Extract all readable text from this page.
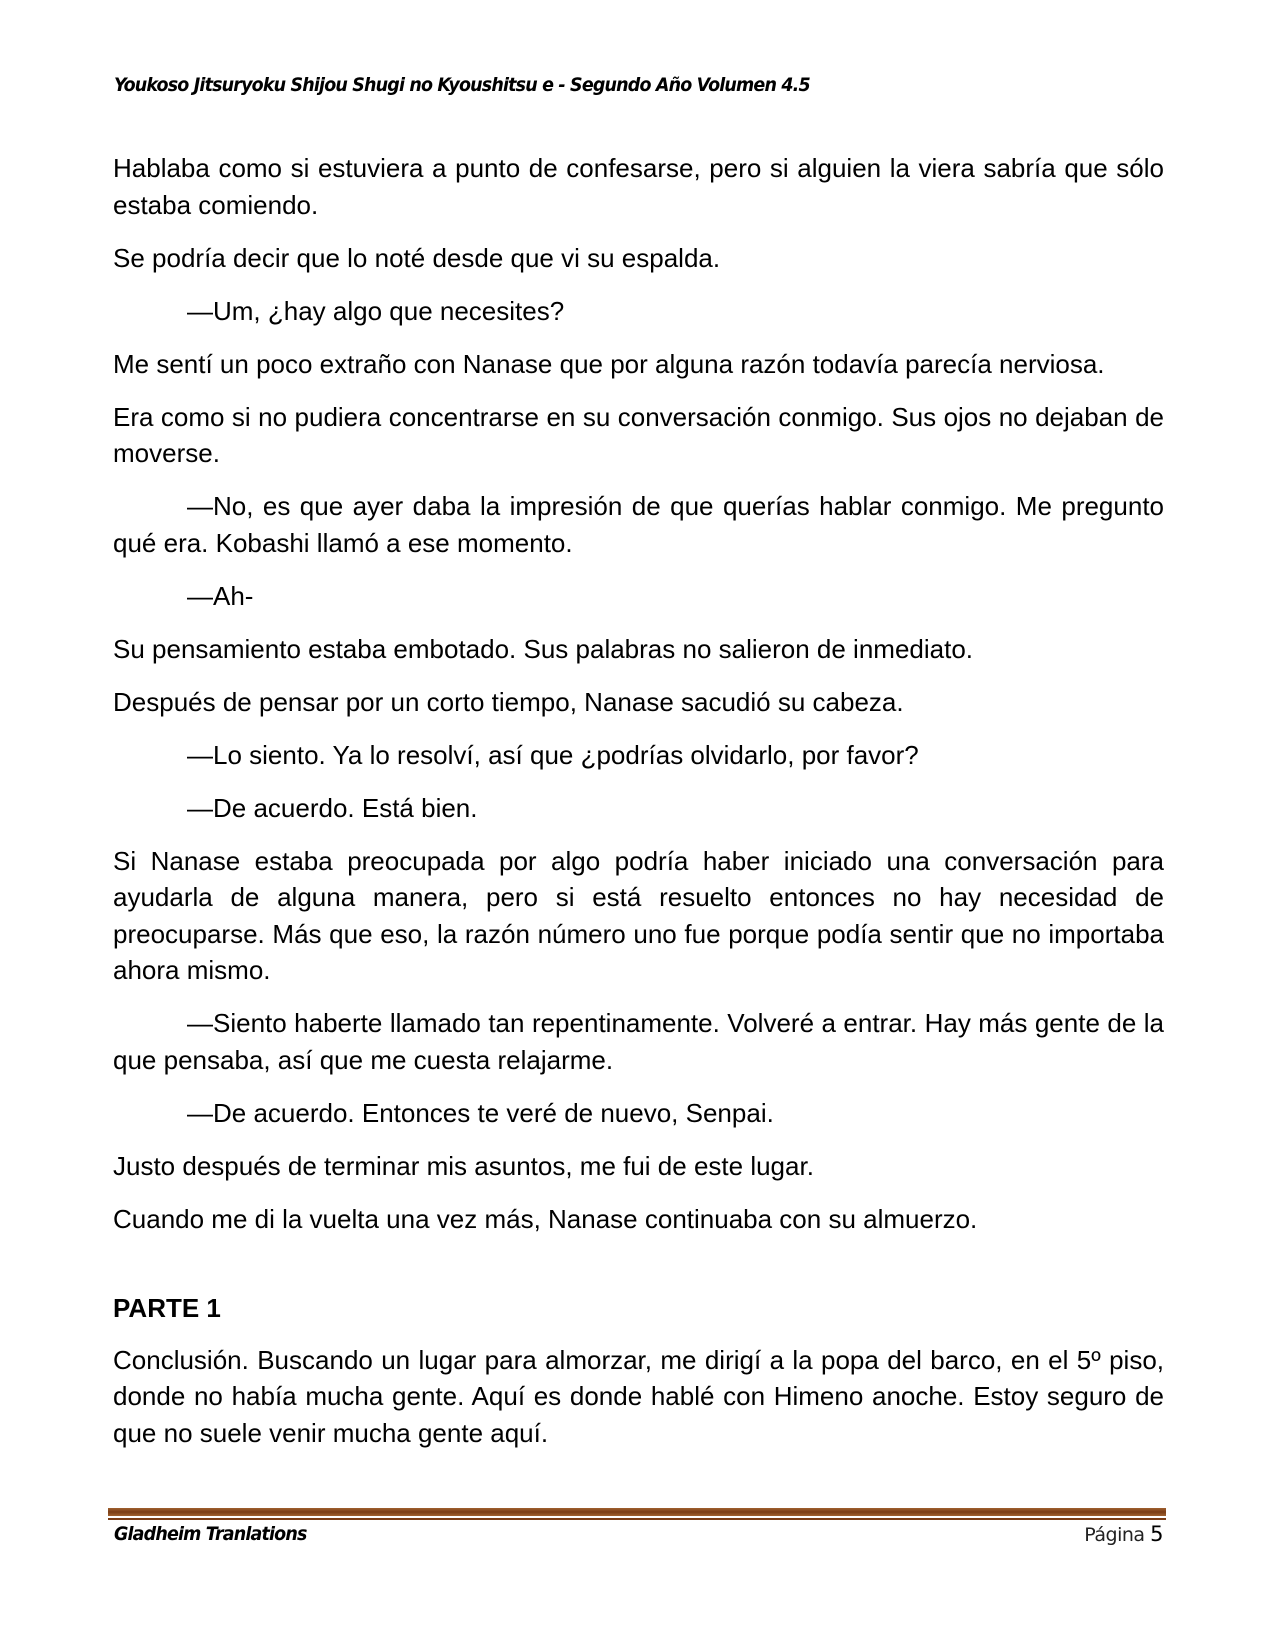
Youkoso Jitsuryoku Shijou Shugi no Kyoushitsu e - Segundo Año Volumen 4.5

Hablaba como si estuviera a punto de confesarse, pero si alguien la viera sabría que sólo estaba comiendo.

Se podría decir que lo noté desde que vi su espalda.

—Um, ¿hay algo que necesites?

Me sentí un poco extraño con Nanase que por alguna razón todavía parecía nerviosa.

Era como si no pudiera concentrarse en su conversación conmigo. Sus ojos no dejaban de moverse.

—No, es que ayer daba la impresión de que querías hablar conmigo. Me pregunto qué era. Kobashi llamó a ese momento.

—Ah-

Su pensamiento estaba embotado. Sus palabras no salieron de inmediato.

Después de pensar por un corto tiempo, Nanase sacudió su cabeza.

—Lo siento. Ya lo resolví, así que ¿podrías olvidarlo, por favor?

—De acuerdo. Está bien.

Si Nanase estaba preocupada por algo podría haber iniciado una conversación para ayudarla de alguna manera, pero si está resuelto entonces no hay necesidad de preocuparse. Más que eso, la razón número uno fue porque podía sentir que no importaba ahora mismo.

—Siento haberte llamado tan repentinamente. Volveré a entrar. Hay más gente de la que pensaba, así que me cuesta relajarme.

—De acuerdo. Entonces te veré de nuevo, Senpai.

Justo después de terminar mis asuntos, me fui de este lugar.

Cuando me di la vuelta una vez más, Nanase continuaba con su almuerzo.

PARTE 1

Conclusión. Buscando un lugar para almorzar, me dirigí a la popa del barco, en el 5º piso, donde no había mucha gente. Aquí es donde hablé con Himeno anoche. Estoy seguro de que no suele venir mucha gente aquí.

Gladheim Tranlations	Página 5
